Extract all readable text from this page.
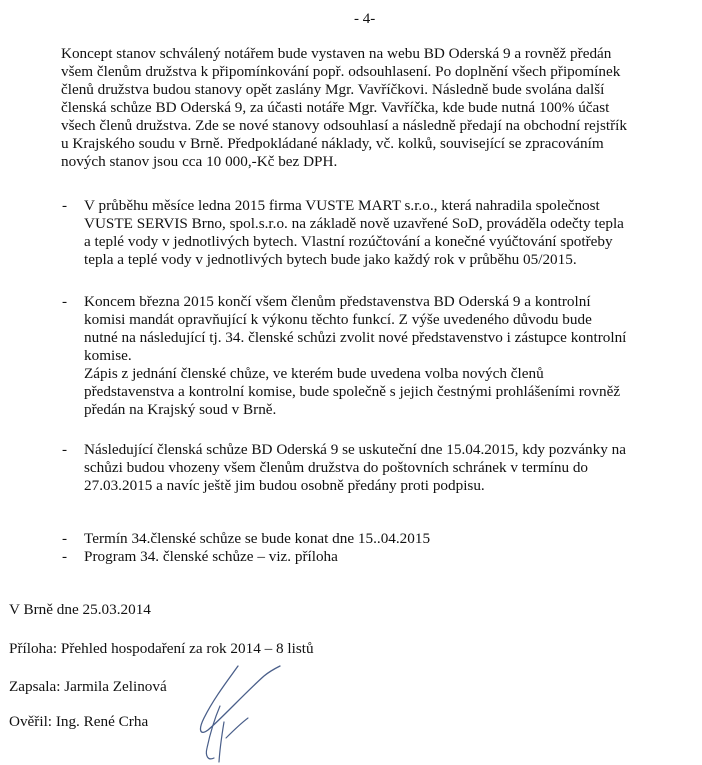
- 4-
Koncept stanov schválený notářem bude vystaven na webu BD Oderská 9 a rovněž předán
všem členům družstva k připomínkování popř. odsouhlasení. Po doplnění všech připomínek
členů družstva budou stanovy opět zaslány Mgr. Vavříčkovi. Následně bude svolána další
členská schůze BD Oderská 9, za účasti notáře Mgr. Vavříčka, kde bude nutná 100% účast
všech členů družstva. Zde se nové stanovy odsouhlasí a následně předají na obchodní rejstřík
u Krajského soudu v Brně. Předpokládané náklady, vč. kolků, související se zpracováním
nových stanov jsou cca 10 000,-Kč bez DPH.
- V průběhu měsíce ledna 2015 firma VUSTE MART s.r.o., která nahradila společnost
VUSTE SERVIS Brno, spol.s.r.o. na základě nově uzavřené SoD, prováděla odečty tepla
a teplé vody v jednotlivých bytech. Vlastní rozúčtování a konečné vyúčtování spotřeby
tepla a teplé vody v jednotlivých bytech bude jako každý rok v průběhu 05/2015.
- Koncem března 2015 končí všem členům představenstva BD Oderská 9 a kontrolní
komisi mandát opravňující k výkonu těchto funkcí. Z výše uvedeného důvodu bude
nutné na následující tj. 34. členské schůzi zvolit nové představenstvo i zástupce kontrolní
komise.
Zápis z jednání členské chůze, ve kterém bude uvedena volba nových členů
představenstva a kontrolní komise, bude společně s jejich čestnými prohlášeními rovněž
předán na Krajský soud v Brně.
- Následující členská schůze BD Oderská 9 se uskuteční dne 15.04.2015, kdy pozvánky na
schůzi budou vhozeny všem členům družstva do poštovních schránek v termínu do
27.03.2015 a navíc ještě jim budou osobně předány proti podpisu.
- Termín 34.členské schůze se bude konat dne 15..04.2015
- Program 34. členské schůze – viz. příloha
V Brně dne 25.03.2014
Příloha: Přehled hospodaření za rok 2014 – 8 listů
Zapsala: Jarmila Zelinová
Ověřil: Ing. René Crha
